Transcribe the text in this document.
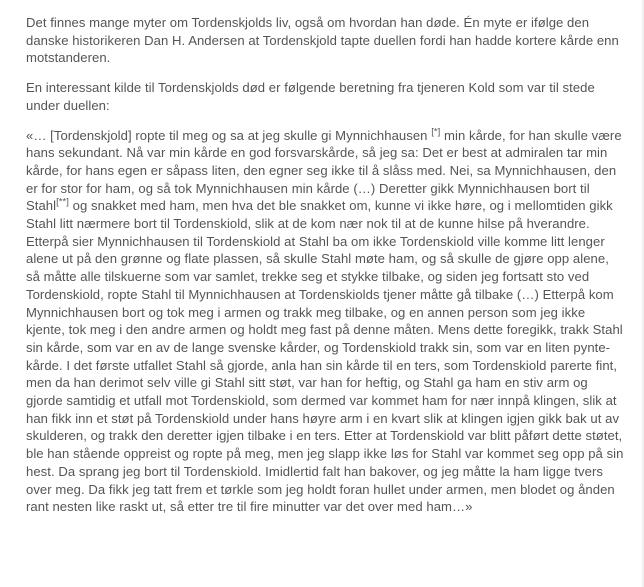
Det finnes mange myter om Tordenskjolds liv, også om hvordan han døde. Én myte er ifølge den danske historikeren Dan H. Andersen at Tordenskjold tapte duellen fordi han hadde kortere kårde enn motstanderen.

En interessant kilde til Tordenskjolds død er følgende beretning fra tjeneren Kold som var til stede under duellen:

«… [Tordenskjold] ropte til meg og sa at jeg skulle gi Mynnichhausen [*] min kårde, for han skulle være hans sekundant. Nå var min kårde en god forsvarskårde, så jeg sa: Det er best at admiralen tar min kårde, for hans egen er såpass liten, den egner seg ikke til å slåss med. Nei, sa Mynnichhausen, den er for stor for ham, og så tok Mynnichhausen min kårde (…) Deretter gikk Mynnichhausen bort til Stahl[**] og snakket med ham, men hva det ble snakket om, kunne vi ikke høre, og i mellomtiden gikk Stahl litt nærmere bort til Tordenskiold, slik at de kom nær nok til at de kunne hilse på hverandre. Etterpå sier Mynnichhausen til Tordenskiold at Stahl ba om ikke Tordenskiold ville komme litt lenger alene ut på den grønne og flate plassen, så skulle Stahl møte ham, og så skulle de gjøre opp alene, så måtte alle tilskuerne som var samlet, trekke seg et stykke tilbake, og siden jeg fortsatt sto ved Tordenskiold, ropte Stahl til Mynnichhausen at Tordenskiolds tjener måtte gå tilbake (…) Etterpå kom Mynnichhausen bort og tok meg i armen og trakk meg tilbake, og en annen person som jeg ikke kjente, tok meg i den andre armen og holdt meg fast på denne måten. Mens dette foregikk, trakk Stahl sin kårde, som var en av de lange svenske kårder, og Tordenskiold trakk sin, som var en liten pynte-kårde. I det første utfallet Stahl så gjorde, anla han sin kårde til en ters, som Tordenskiold parerte fint, men da han derimot selv ville gi Stahl sitt støt, var han for heftig, og Stahl ga ham en stiv arm og gjorde samtidig et utfall mot Tordenskiold, som dermed var kommet ham for nær innpå klingen, slik at han fikk inn et støt på Tordenskiold under hans høyre arm i en kvart slik at klingen igjen gikk bak ut av skulderen, og trakk den deretter igjen tilbake i en ters. Etter at Tordenskiold var blitt påført dette støtet, ble han stående oppreist og ropte på meg, men jeg slapp ikke løs for Stahl var kommet seg opp på sin hest. Da sprang jeg bort til Tordenskiold. Imidlertid falt han bakover, og jeg måtte la ham ligge tvers over meg. Da fikk jeg tatt frem et tørkle som jeg holdt foran hullet under armen, men blodet og ånden rant nesten like raskt ut, så etter tre til fire minutter var det over med ham…»
